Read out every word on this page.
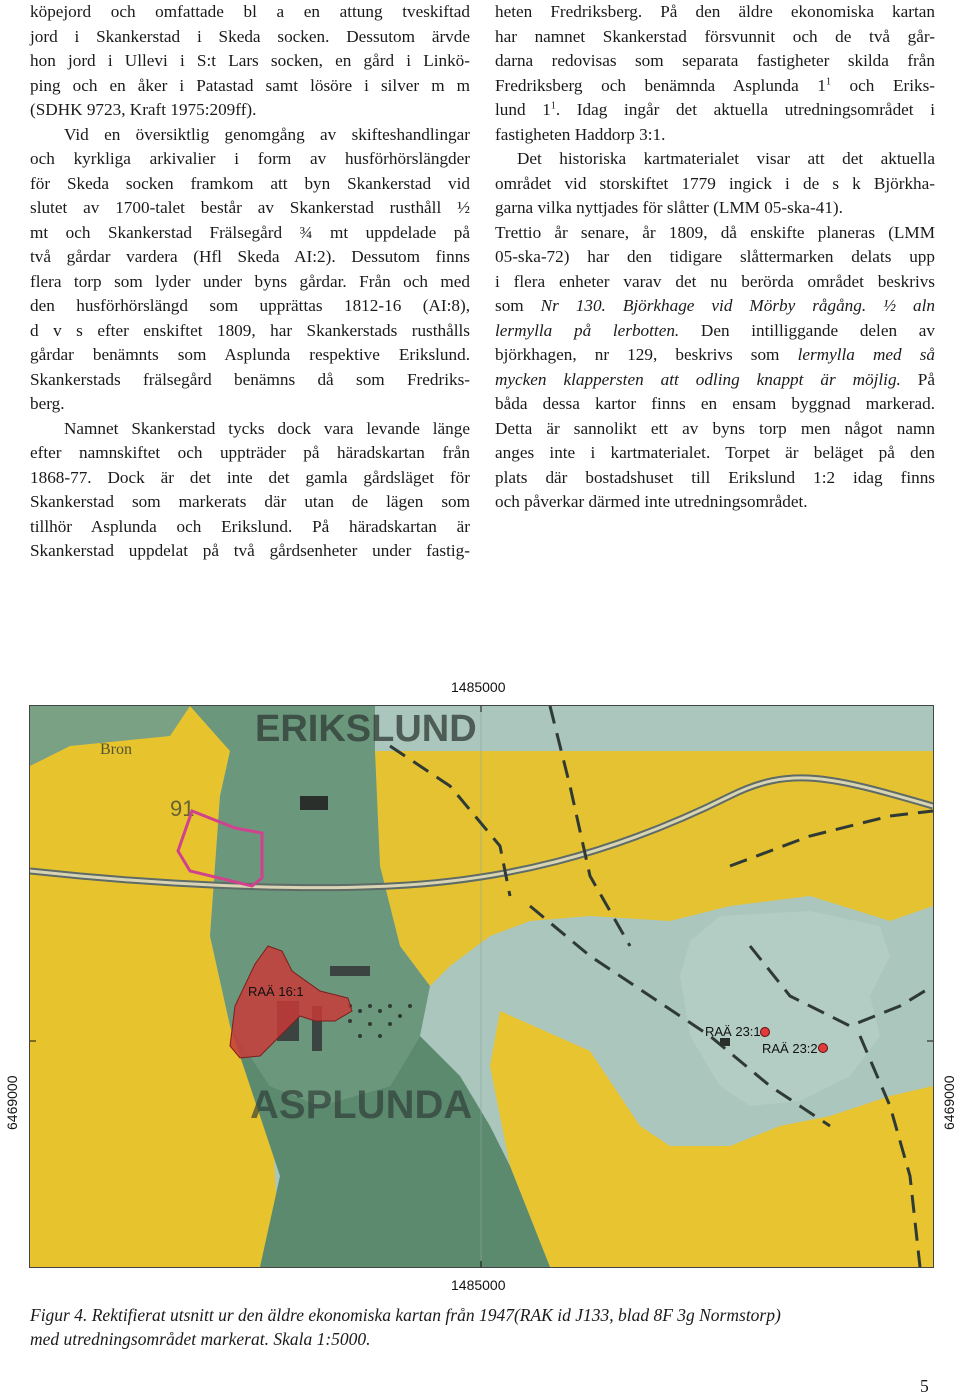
köpejord och omfattade bl a en attung tveskiftad
jord i Skankerstad i Skeda socken. Dessutom ärvde
hon jord i Ullevi i S:t Lars socken, en gård i Linkö-
ping och en åker i Patastad samt lösöre i silver m m
(SDHK 9723, Kraft 1975:209ff).
Vid en översiktlig genomgång av skifteshandlingar
och kyrkliga arkivalier i form av husförhörslängder
för Skeda socken framkom att byn Skankerstad vid
slutet av 1700-talet består av Skankerstad rusthåll ½
mt och Skankerstad Frälsegård ¾ mt uppdelade på
två gårdar vardera (Hfl Skeda AI:2). Dessutom finns
flera torp som lyder under byns gårdar. Från och med
den husförhörslängd som upprättas 1812-16 (AI:8),
d v s efter enskiftet 1809, har Skankerstads rusthålls
gårdar benämnts som Asplunda respektive Erikslund.
Skankerstads frälsegård benämns då som Fredriks-
berg.
Namnet Skankerstad tycks dock vara levande länge
efter namnskiftet och uppträder på häradskartan från
1868-77. Dock är det inte det gamla gårdsläget för
Skankerstad som markerats där utan de lägen som
tillhör Asplunda och Erikslund. På häradskartan är
Skankerstad uppdelat på två gårdsenheter under fastig-
heten Fredriksberg. På den äldre ekonomiska kartan
har namnet Skankerstad försvunnit och de två går-
darna redovisas som separata fastigheter skilda från
Fredriksberg och benämnda Asplunda $1^1$ och Eriks-
lund $1^1$. Idag ingår det aktuella utredningsområdet i
fastigheten Haddorp 3:1.
Det historiska kartmaterialet visar att det aktuella
området vid storskiftet 1779 ingick i de s k Björkha-
garna vilka nyttjades för slåtter (LMM 05-ska-41).
Trettio år senare, år 1809, då enskifte planeras (LMM
05-ska-72) har den tidigare slåttermarken delats upp
i flera enheter varav det nu berörda området beskrivs
som Nr 130. Björkhage vid Mörby rågång. ½ aln
lermylla på lerbotten. Den intilliggande delen av
björkhagen, nr 129, beskrivs som lermylla med så
mycken klappersten att odling knappt är möjlig. På
båda dessa kartor finns en ensam byggnad markerad.
Detta är sannolikt ett av byns torp men något namn
anges inte i kartmaterialet. Torpet är beläget på den
plats där bostadshuset till Erikslund 1:2 idag finns
och påverkar därmed inte utredningsområdet.
1485000
1485000
6469000	6469000
ERIKSLUND
ASPLUNDA
Bron
91
RAÄ 16:1
RAÄ 23:1
RAÄ 23:2
Figur 4. Rektifierat utsnitt ur den äldre ekonomiska kartan från 1947(RAK id J133, blad 8F 3g Normstorp)
med utredningsområdet markerat. Skala 1:5000.
5
